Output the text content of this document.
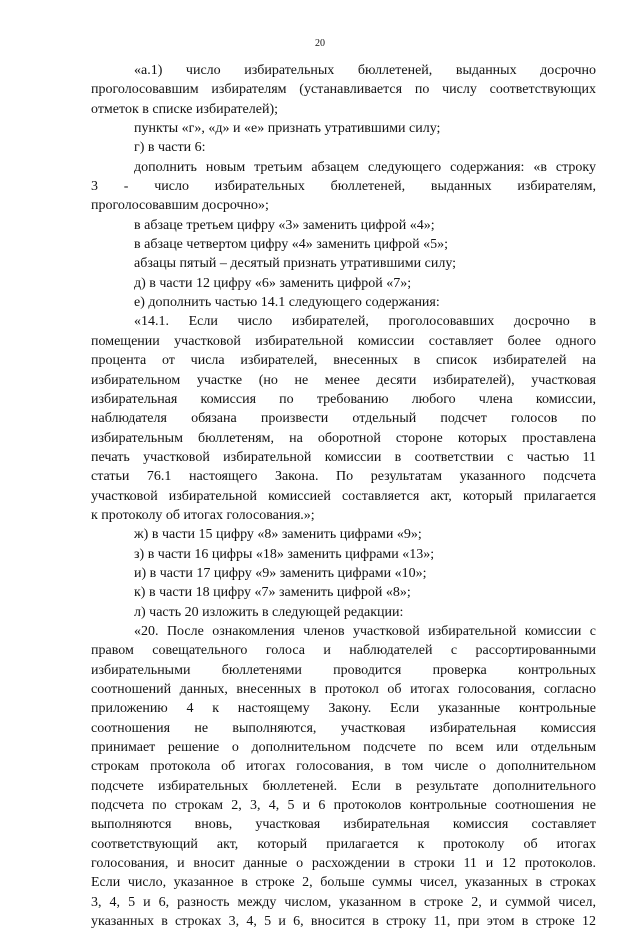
20
«а.1) число избирательных бюллетеней, выданных досрочно
проголосовавшим избирателям (устанавливается по числу соответствующих
отметок в списке избирателей);
пункты «г», «д» и «е» признать утратившими силу;
г) в части 6:
дополнить новым третьим абзацем следующего содержания: «в строку
3 - число избирательных бюллетеней, выданных избирателям,
проголосовавшим досрочно»;
в абзаце третьем цифру «3» заменить цифрой «4»;
в абзаце четвертом цифру «4» заменить цифрой «5»;
абзацы пятый – десятый признать утратившими силу;
д) в части 12 цифру «6» заменить цифрой «7»;
е) дополнить частью 14.1 следующего содержания:
«14.1. Если число избирателей, проголосовавших досрочно в
помещении участковой избирательной комиссии составляет более одного
процента от числа избирателей, внесенных в список избирателей на
избирательном участке (но не менее десяти избирателей), участковая
избирательная комиссия по требованию любого члена комиссии,
наблюдателя обязана произвести отдельный подсчет голосов по
избирательным бюллетеням, на оборотной стороне которых проставлена
печать участковой избирательной комиссии в соответствии с частью 11
статьи 76.1 настоящего Закона. По результатам указанного подсчета
участковой избирательной комиссией составляется акт, который прилагается
к протоколу об итогах голосования.»;
ж) в части 15 цифру «8» заменить цифрами «9»;
з) в части 16 цифры «18» заменить цифрами «13»;
и) в части 17 цифру «9» заменить цифрами «10»;
к) в части 18 цифру «7» заменить цифрой «8»;
л) часть 20 изложить в следующей редакции:
«20. После ознакомления членов участковой избирательной комиссии с
правом совещательного голоса и наблюдателей с рассортированными
избирательными бюллетенями проводится проверка контрольных
соотношений данных, внесенных в протокол об итогах голосования, согласно
приложению 4 к настоящему Закону. Если указанные контрольные
соотношения не выполняются, участковая избирательная комиссия
принимает решение о дополнительном подсчете по всем или отдельным
строкам протокола об итогах голосования, в том числе о дополнительном
подсчете избирательных бюллетеней. Если в результате дополнительного
подсчета по строкам 2, 3, 4, 5 и 6 протоколов контрольные соотношения не
выполняются вновь, участковая избирательная комиссия составляет
соответствующий акт, который прилагается к протоколу об итогах
голосования, и вносит данные о расхождении в строки 11 и 12 протоколов.
Если число, указанное в строке 2, больше суммы чисел, указанных в строках
3, 4, 5 и 6, разность между числом, указанном в строке 2, и суммой чисел,
указанных в строках 3, 4, 5 и 6, вносится в строку 11, при этом в строке 12
